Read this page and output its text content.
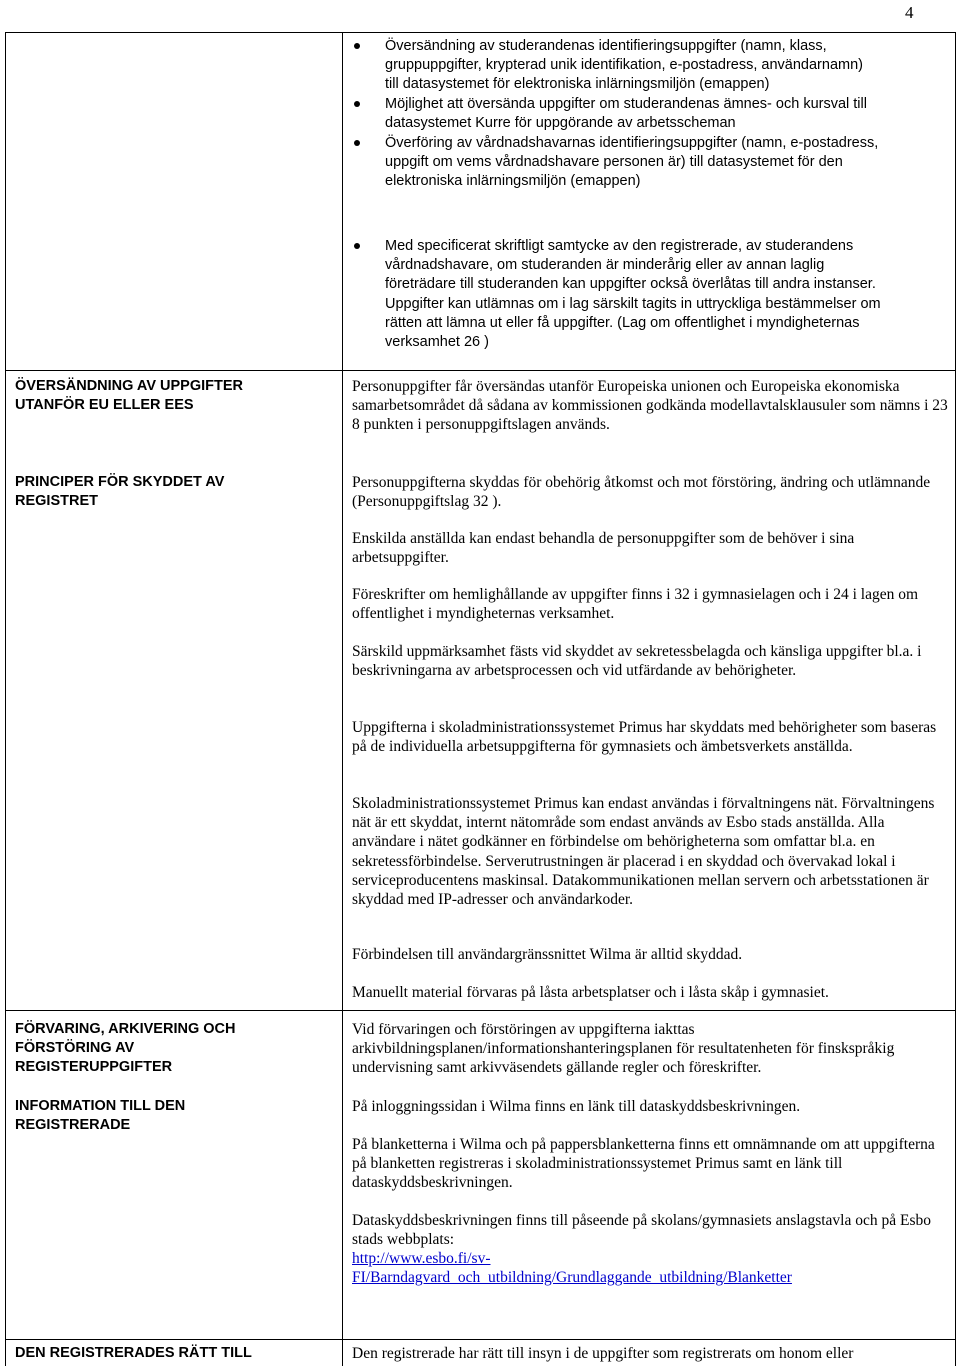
4
Översändning av studerandenas identifieringsuppgifter (namn, klass,
gruppuppgifter, krypterad unik identifikation, e-postadress, användarnamn)
till datasystemet för elektroniska inlärningsmiljön (emappen)
Möjlighet att översända uppgifter om studerandenas ämnes- och kursval till
datasystemet Kurre för uppgörande av arbetsscheman
Överföring av vårdnadshavarnas identifieringsuppgifter (namn, e-postadress,
uppgift om vems vårdnadshavare personen är) till datasystemet för den
elektroniska inlärningsmiljön (emappen)
Med specificerat skriftligt samtycke av den registrerade, av studerandens
vårdnadshavare, om studeranden är minderårig eller av annan laglig
företrädare till studeranden kan uppgifter också överlåtas till andra instanser.
Uppgifter kan utlämnas om i lag särskilt tagits in uttryckliga bestämmelser om
rätten att lämna ut eller få uppgifter. (Lag om offentlighet i myndigheternas
verksamhet 26 )
ÖVERSÄNDNING AV UPPGIFTER
UTANFÖR EU ELLER EES

Personuppgifter får översändas utanför Europeiska unionen och Europeiska ekonomiska samarbetsområdet då sådana av kommissionen godkända modellavtalsklausuler som nämns i 23 8 punkten i personuppgiftslagen används.

PRINCIPER FÖR SKYDDET AV
REGISTRET

Personuppgifterna skyddas för obehörig åtkomst och mot förstöring, ändring och utlämnande (Personuppgiftslag 32 ).

Enskilda anställda kan endast behandla de personuppgifter som de behöver i sina arbetsuppgifter.

Föreskrifter om hemlighållande av uppgifter finns i 32 i gymnasielagen och i 24 i lagen om offentlighet i myndigheternas verksamhet.

Särskild uppmärksamhet fästs vid skyddet av sekretessbelagda och känsliga uppgifter bl.a. i beskrivningarna av arbetsprocessen och vid utfärdande av behörigheter.

Uppgifterna i skoladministrationssystemet Primus har skyddats med behörigheter som baseras på de individuella arbetsuppgifterna för gymnasiets och ämbetsverkets anställda.

Skoladministrationssystemet Primus kan endast användas i förvaltningens nät. Förvaltningens nät är ett skyddat, internt nätområde som endast används av Esbo stads anställda. Alla användare i nätet godkänner en förbindelse om behörigheterna som omfattar bl.a. en sekretessförbindelse. Serverutrustningen är placerad i en skyddad och övervakad lokal i serviceproducentens maskinsal. Datakommunikationen mellan servern och arbetsstationen är skyddad med IP-adresser och användarkoder.

Förbindelsen till användargränssnittet Wilma är alltid skyddad.

Manuellt material förvaras på låsta arbetsplatser och i låsta skåp i gymnasiet.

FÖRVARING, ARKIVERING OCH
FÖRSTÖRING AV
REGISTERUPPGIFTER

Vid förvaringen och förstöringen av uppgifterna iakttas arkivbildningsplanen/informationshanteringsplanen för resultatenheten för finskspråkig undervisning samt arkivväsendets gällande regler och föreskrifter.

INFORMATION TILL DEN
REGISTRERADE

På inloggningssidan i Wilma finns en länk till dataskyddsbeskrivningen.

På blanketterna i Wilma och på pappersblanketterna finns ett omnämnande om att uppgifterna på blanketten registreras i skoladministrationssystemet Primus samt en länk till dataskyddsbeskrivningen.

Dataskyddsbeskrivningen finns till påseende på skolans/gymnasiets anslagstavla och på Esbo stads webbplats:

http://www.esbo.fi/sv-
FI/Barndagvard_och_utbildning/Grundlaggande_utbildning/Blanketter
DEN REGISTRERADES RÄTT TILL	Den registrerade har rätt till insyn i de uppgifter som registrerats om honom eller
